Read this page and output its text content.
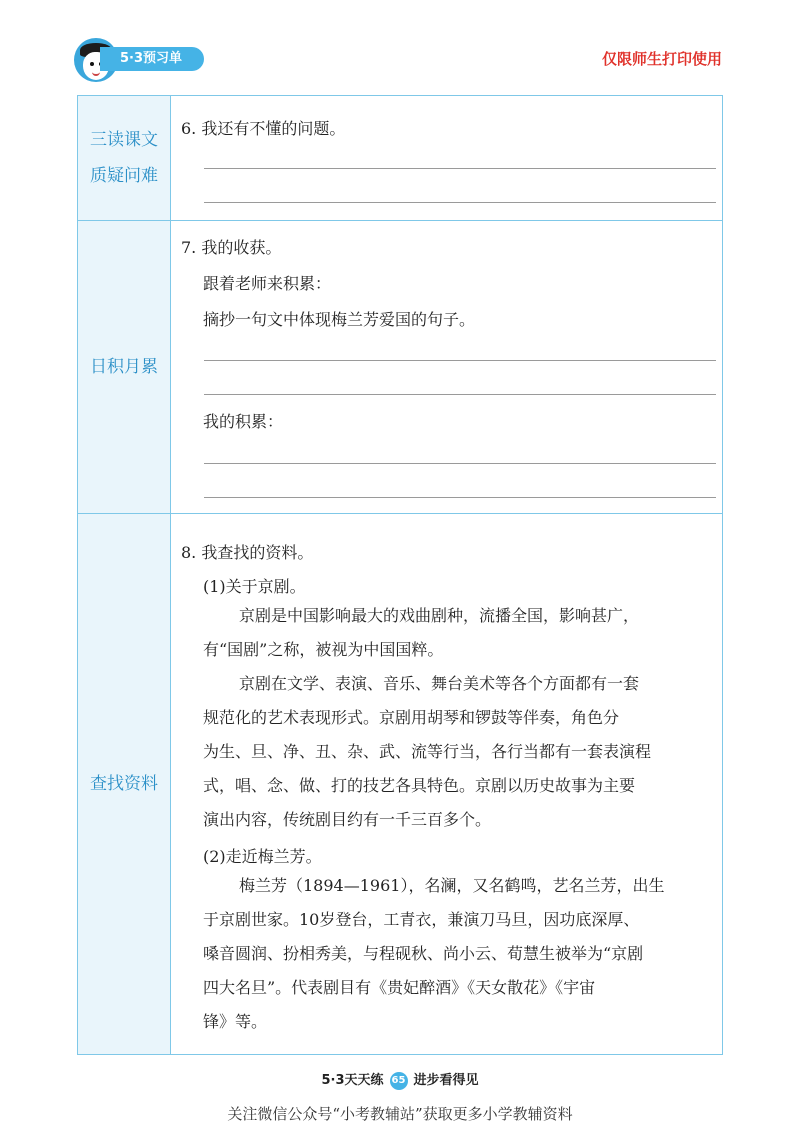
5·3预习单	仅限师生打印使用
三读课文
质疑问难
6. 我还有不懂的问题。
日积月累
7. 我的收获。
跟着老师来积累：
摘抄一句文中体现梅兰芳爱国的句子。
我的积累：
查找资料
8. 我查找的资料。
(1)关于京剧。

京剧是中国影响最大的戏曲剧种，流播全国，影响甚广，

有“国剧”之称，被视为中国国粹。

京剧在文学、表演、音乐、舞台美术等各个方面都有一套

规范化的艺术表现形式。京剧用胡琴和锣鼓等伴奏，角色分

为生、旦、净、丑、杂、武、流等行当，各行当都有一套表演程

式，唱、念、做、打的技艺各具特色。京剧以历史故事为主要

演出内容，传统剧目约有一千三百多个。

(2)走近梅兰芳。

梅兰芳（1894—1961），名澜，又名鹤鸣，艺名兰芳，出生

于京剧世家。10岁登台，工青衣，兼演刀马旦，因功底深厚、

嗓音圆润、扮相秀美，与程砚秋、尚小云、荀慧生被举为“京剧

四大名旦”。代表剧目有《贵妃醉酒》《天女散花》《宇宙

锋》等。

5·3天天练 65 进步看得见
关注微信公众号“小考教辅站”获取更多小学教辅资料
